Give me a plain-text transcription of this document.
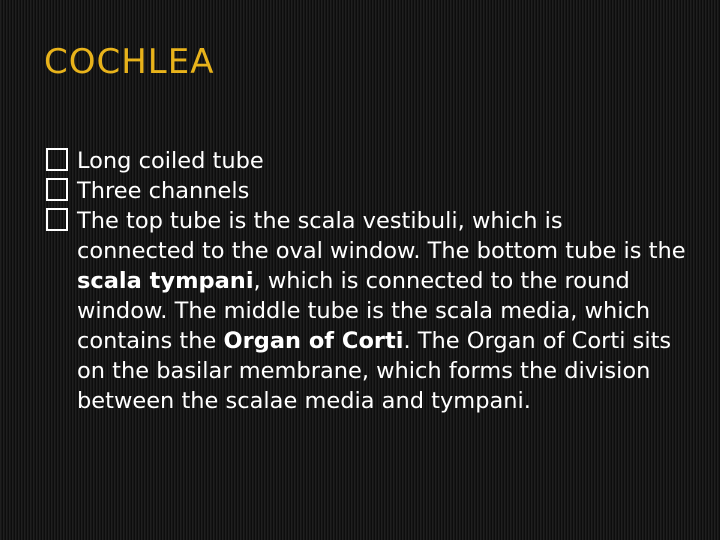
COCHLEA
Long coiled tube
Three channels
The top tube is the scala vestibuli, which is connected to the oval window. The bottom tube is the scala tympani, which is connected to the round window. The middle tube is the scala media, which contains the Organ of Corti. The Organ of Corti sits on the basilar membrane, which forms the division between the scalae media and tympani.
